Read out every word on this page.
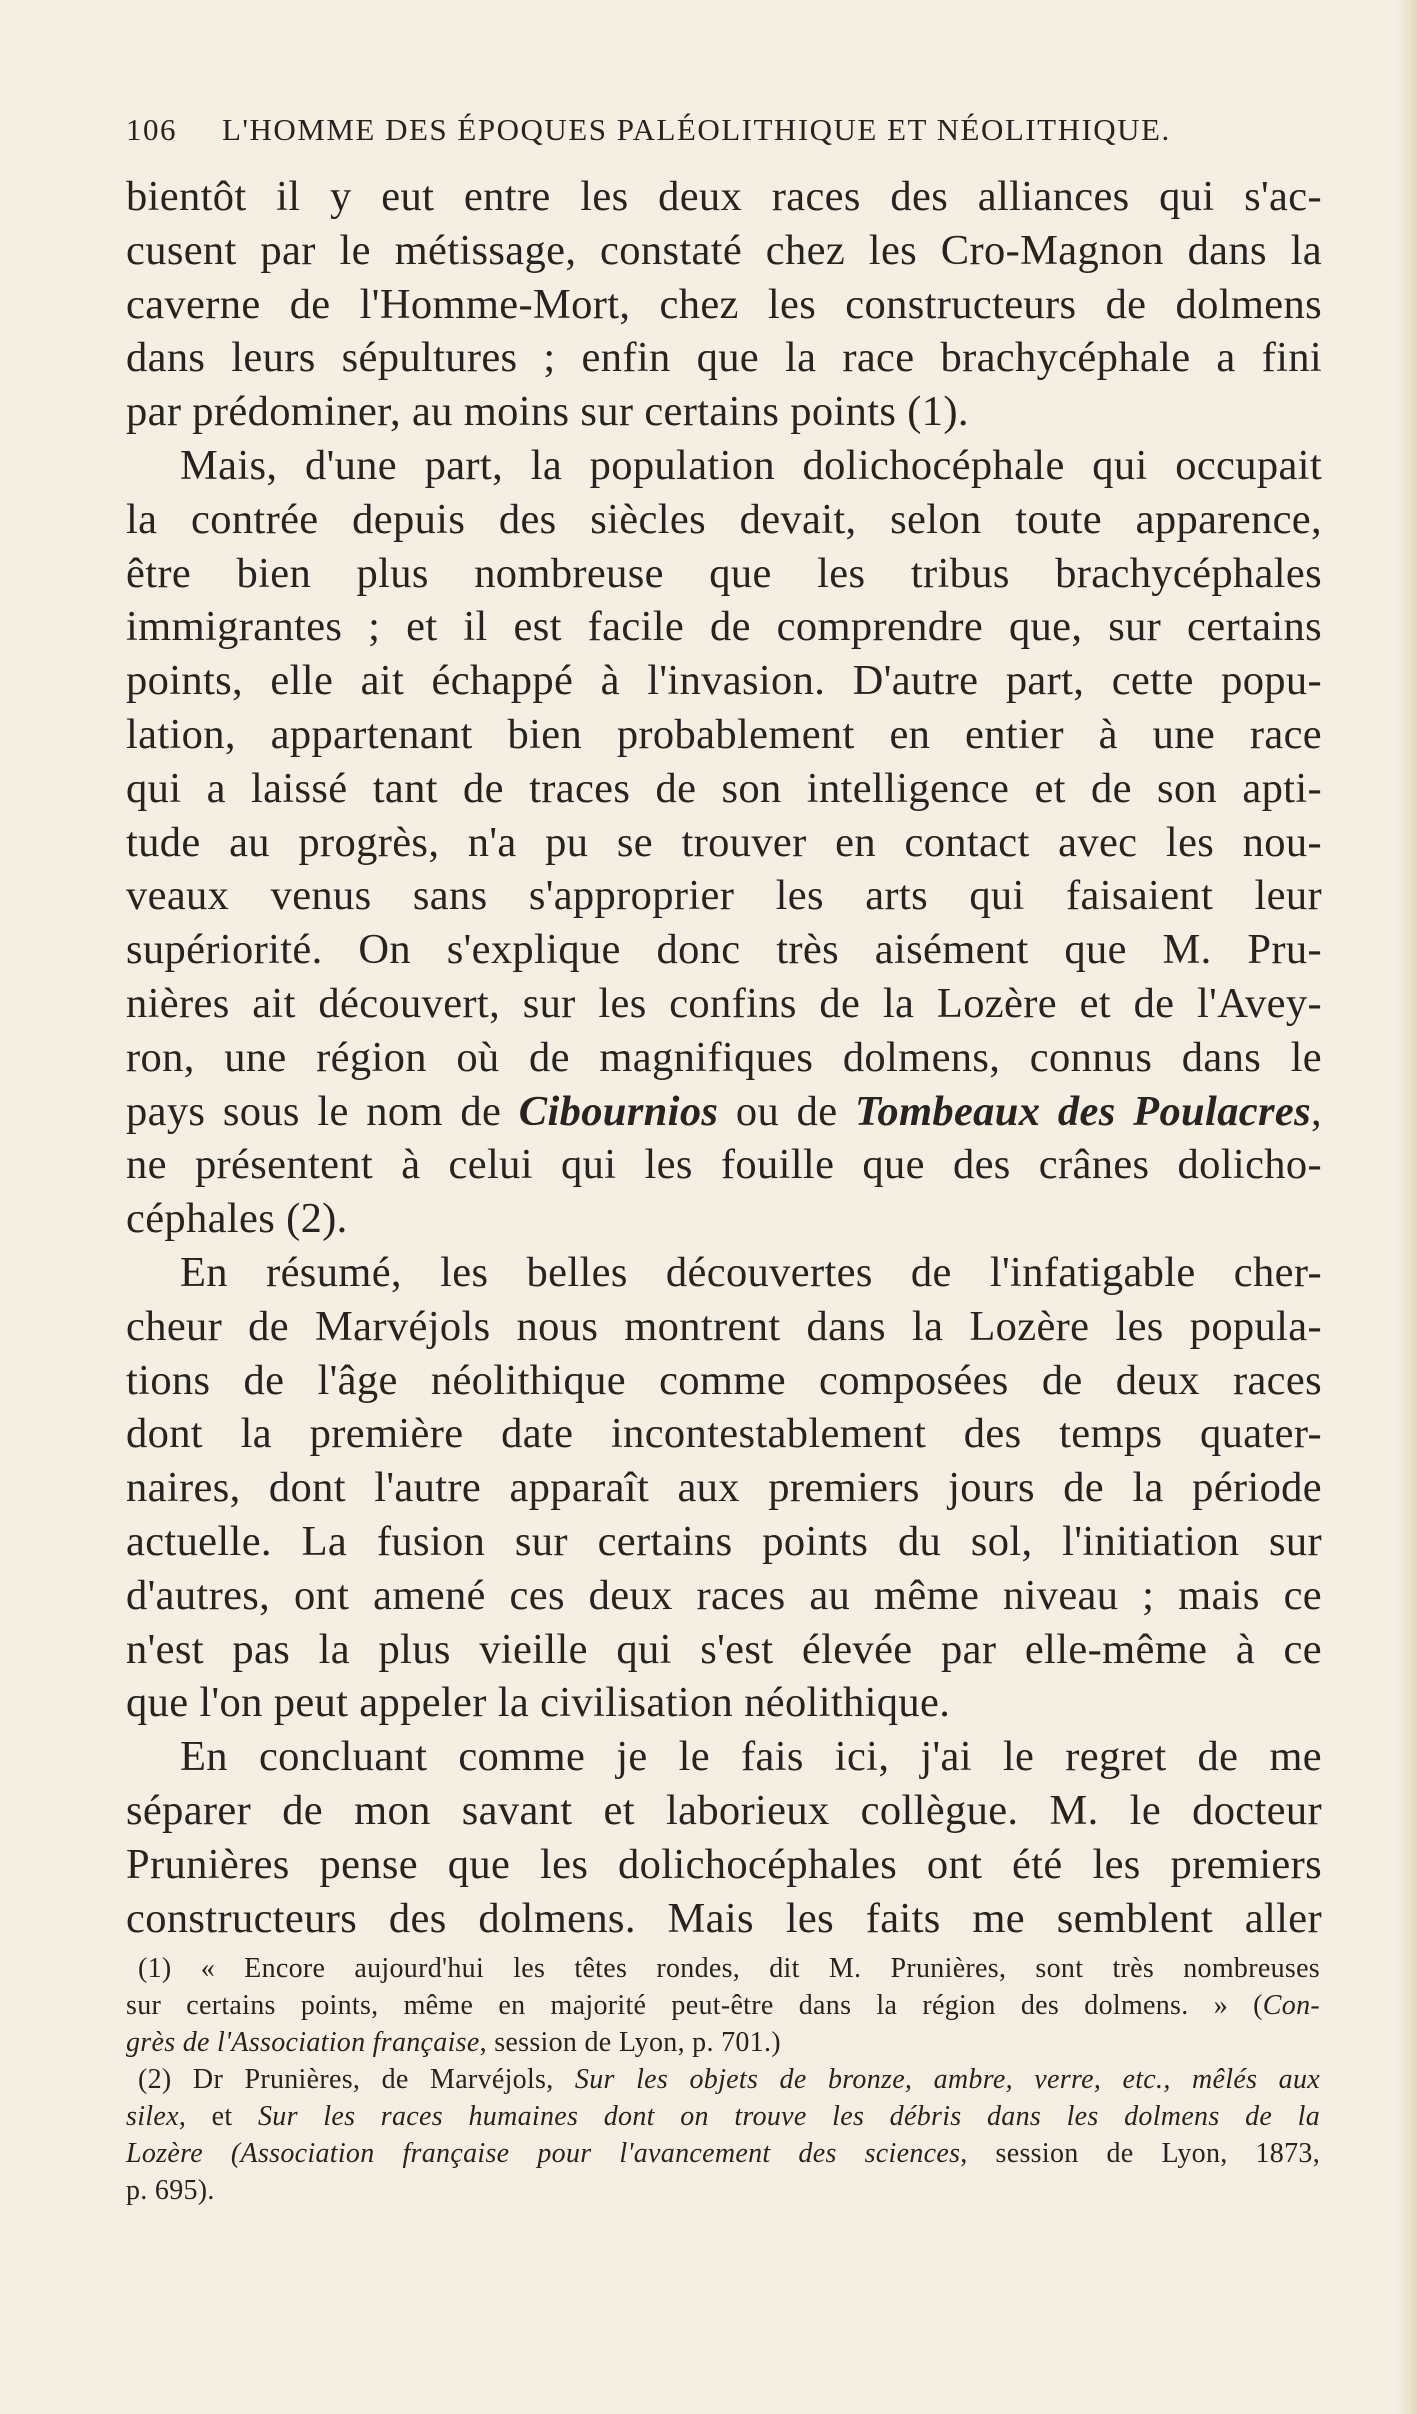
106 L'HOMME DES ÉPOQUES PALÉOLITHIQUE ET NÉOLITHIQUE.
bientôt il y eut entre les deux races des alliances qui s'ac-
cusent par le métissage, constaté chez les Cro-Magnon dans la
caverne de l'Homme-Mort, chez les constructeurs de dolmens
dans leurs sépultures ; enfin que la race brachycéphale a fini
par prédominer, au moins sur certains points (1).
Mais, d'une part, la population dolichocéphale qui occupait
la contrée depuis des siècles devait, selon toute apparence,
être bien plus nombreuse que les tribus brachycéphales
immigrantes ; et il est facile de comprendre que, sur certains
points, elle ait échappé à l'invasion. D'autre part, cette popu-
lation, appartenant bien probablement en entier à une race
qui a laissé tant de traces de son intelligence et de son apti-
tude au progrès, n'a pu se trouver en contact avec les nou-
veaux venus sans s'approprier les arts qui faisaient leur
supériorité. On s'explique donc très aisément que M. Pru-
nières ait découvert, sur les confins de la Lozère et de l'Avey-
ron, une région où de magnifiques dolmens, connus dans le
pays sous le nom de Cibournios ou de Tombeaux des Poulacres,
ne présentent à celui qui les fouille que des crânes dolicho-
céphales (2).
En résumé, les belles découvertes de l'infatigable cher-
cheur de Marvéjols nous montrent dans la Lozère les popula-
tions de l'âge néolithique comme composées de deux races
dont la première date incontestablement des temps quater-
naires, dont l'autre apparaît aux premiers jours de la période
actuelle. La fusion sur certains points du sol, l'initiation sur
d'autres, ont amené ces deux races au même niveau ; mais ce
n'est pas la plus vieille qui s'est élevée par elle-même à ce
que l'on peut appeler la civilisation néolithique.
En concluant comme je le fais ici, j'ai le regret de me
séparer de mon savant et laborieux collègue. M. le docteur
Prunières pense que les dolichocéphales ont été les premiers
constructeurs des dolmens. Mais les faits me semblent aller
(1) « Encore aujourd'hui les têtes rondes, dit M. Prunières, sont très nombreuses
sur certains points, même en majorité peut-être dans la région des dolmens. » (Con-
grès de l'Association française, session de Lyon, p. 701.)
(2) Dr Prunières, de Marvéjols, Sur les objets de bronze, ambre, verre, etc., mêlés aux
silex, et Sur les races humaines dont on trouve les débris dans les dolmens de la
Lozère (Association française pour l'avancement des sciences, session de Lyon, 1873,
p. 695).
